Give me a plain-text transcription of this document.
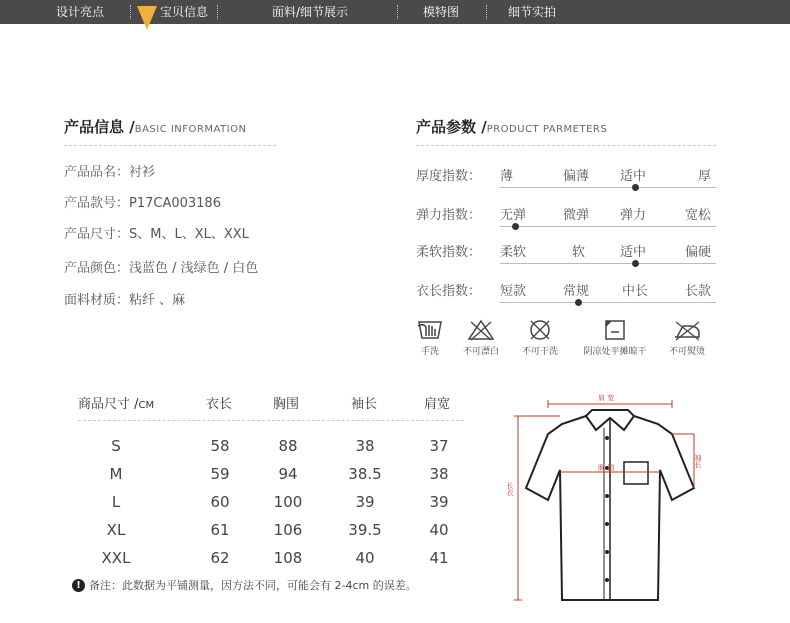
设计亮点	宝贝信息	面料/细节展示	模特图	细节实拍
产品信息 /BASIC INFORMATION
产品品名：衬衫
产品款号：P17CA003186
产品尺寸：S、M、L、XL、XXL
产品颜色：浅蓝色 / 浅绿色 / 白色
面料材质：粘纤 、麻
产品参数 /PRODUCT PARMETERS
厚度指数： 薄	偏薄 适中	厚
弹力指数： 无弹	微弹 弹力	宽松
柔软指数： 柔软	软	适中	偏硬
衣长指数： 短款	常规	中长	长款
手洗	不可漂白	不可干洗	阴凉处平摊晾干	不可熨烫
商品尺寸 /CM	衣长	胸围	袖长	肩宽
S	58	88	38	37
M	59	94	38.5	38
L	60	100	39	39
XL	61	106	39.5	40
XXL	62	108	40	41
! 备注：此数据为平铺测量，因方法不同，可能会有 2-4cm 的误差。
肩 宽
胸 围	袖长
长衣
